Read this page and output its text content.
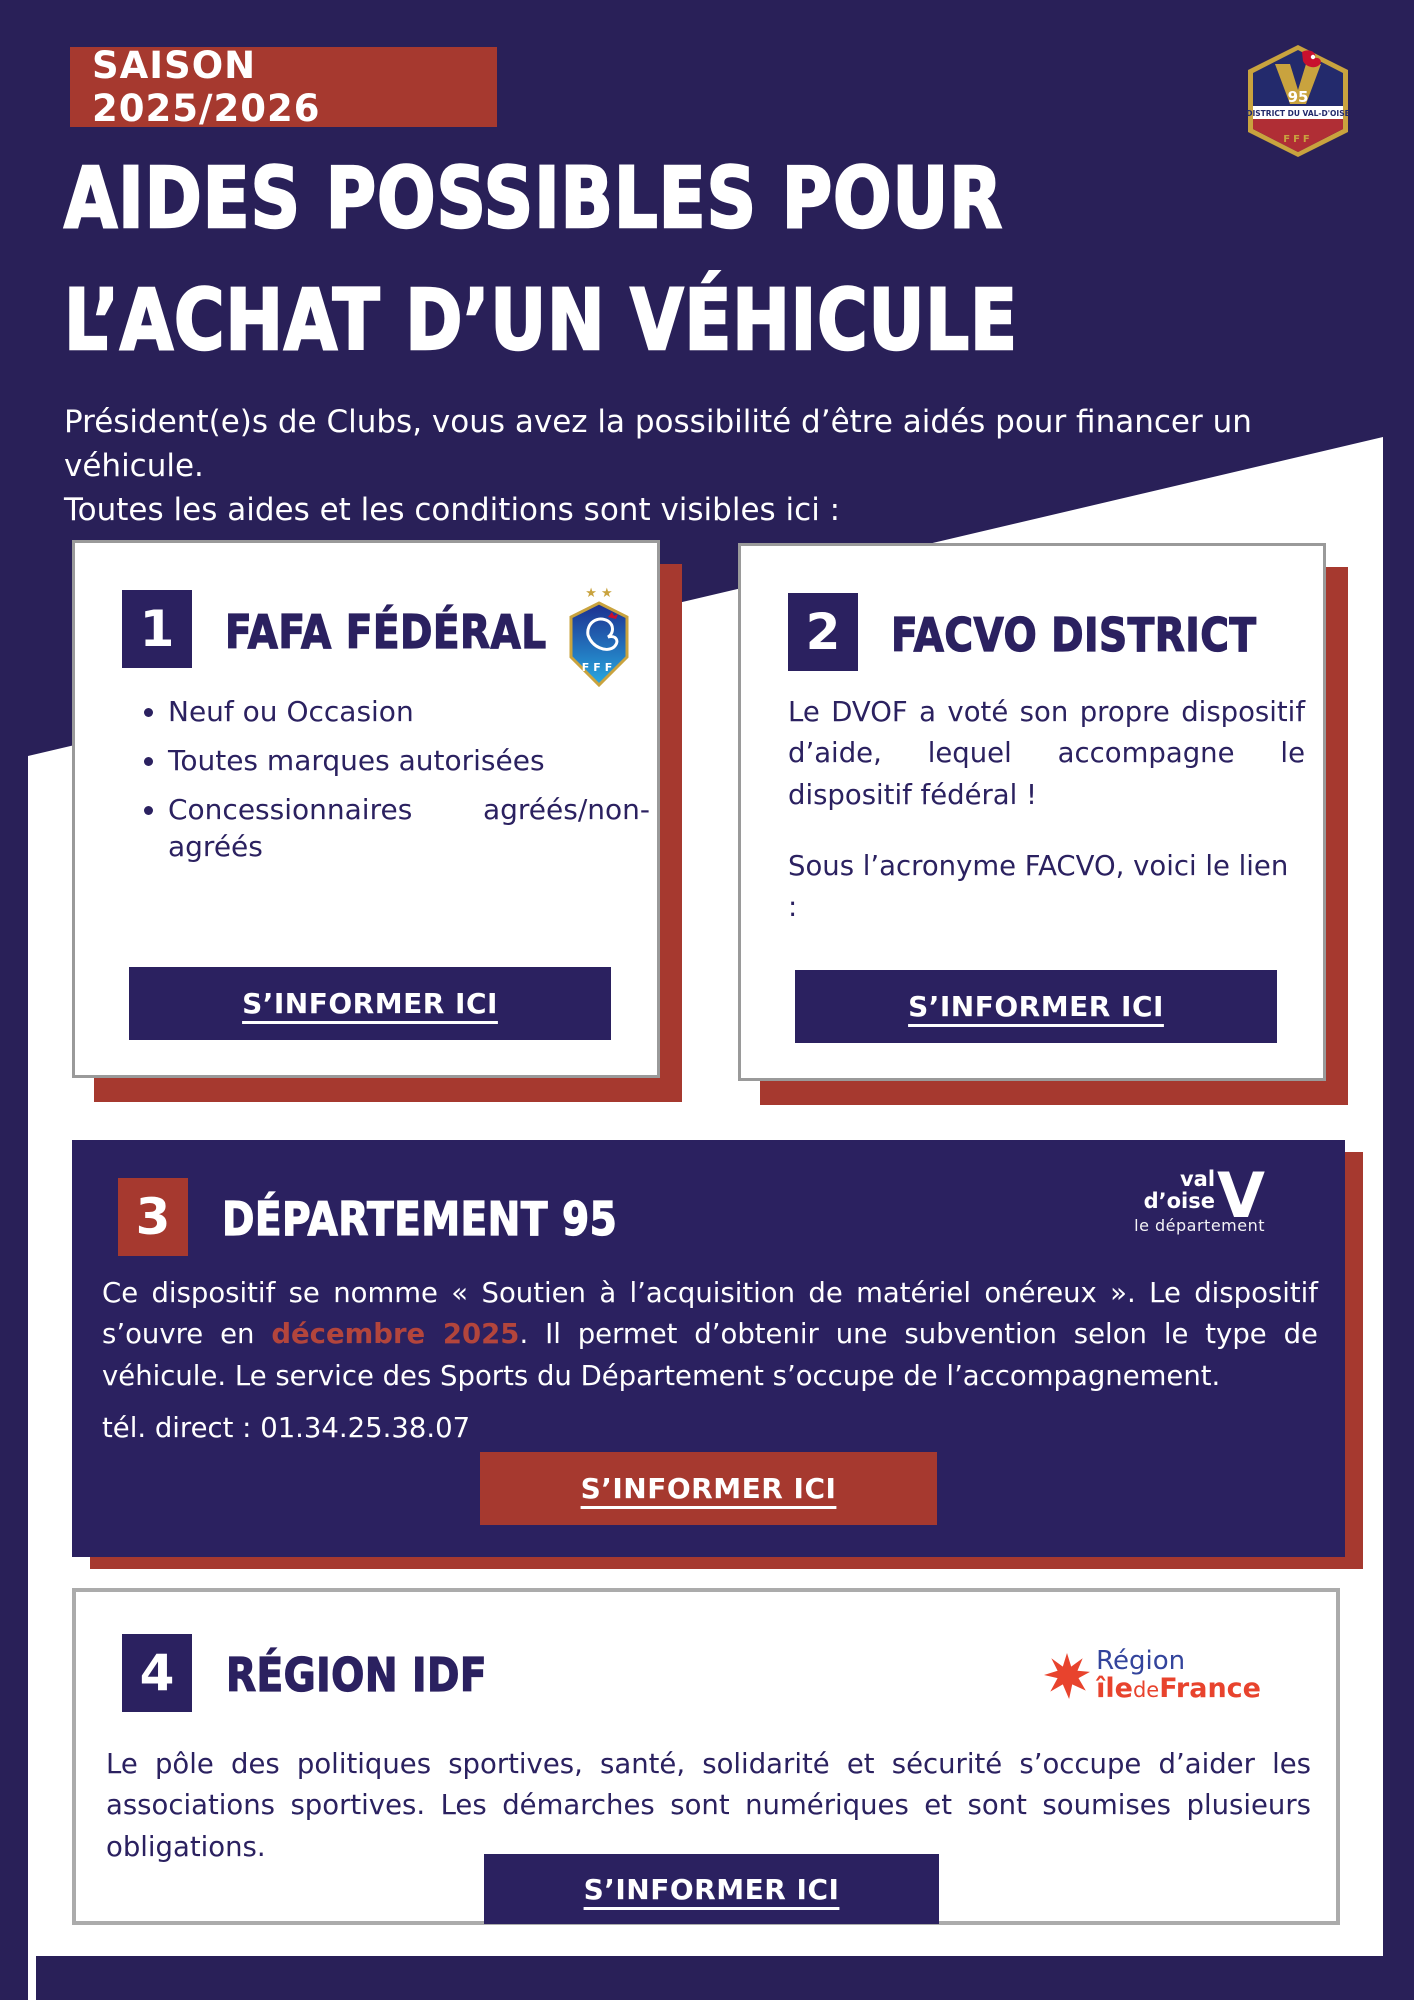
SAISON 2025/2026	95
DISTRICT DU VAL-D'OISE
FFF
AIDES POSSIBLES POUR
L’ACHAT D’UN VÉHICULE
Président(e)s de Clubs, vous avez la possibilité d’être aidés pour financer un véhicule.
Toutes les aides et les conditions sont visibles ici :
1	FAFA FÉDÉRAL
★ ★
FFF
• Neuf ou Occasion
• Toutes marques autorisées
• Concessionnaires agréés/non-agréés
S’INFORMER ICI
2	FACVO DISTRICT
Le DVOF a voté son propre dispositif d’aide, lequel accompagne le dispositif fédéral !
Sous l’acronyme FACVO, voici le lien :
S’INFORMER ICI
3	DÉPARTEMENT 95
val
d’oise V
le département
Ce dispositif se nomme « Soutien à l’acquisition de matériel onéreux ». Le dispositif s’ouvre en décembre 2025. Il permet d’obtenir une subvention selon le type de véhicule. Le service des Sports du Département s’occupe de l’accompagnement.
tél. direct : 01.34.25.38.07
S’INFORMER ICI
4	RÉGION IDF	Région
îledeFrance
Le pôle des politiques sportives, santé, solidarité et sécurité s’occupe d’aider les associations sportives. Les démarches sont numériques et sont soumises plusieurs obligations.
S’INFORMER ICI
